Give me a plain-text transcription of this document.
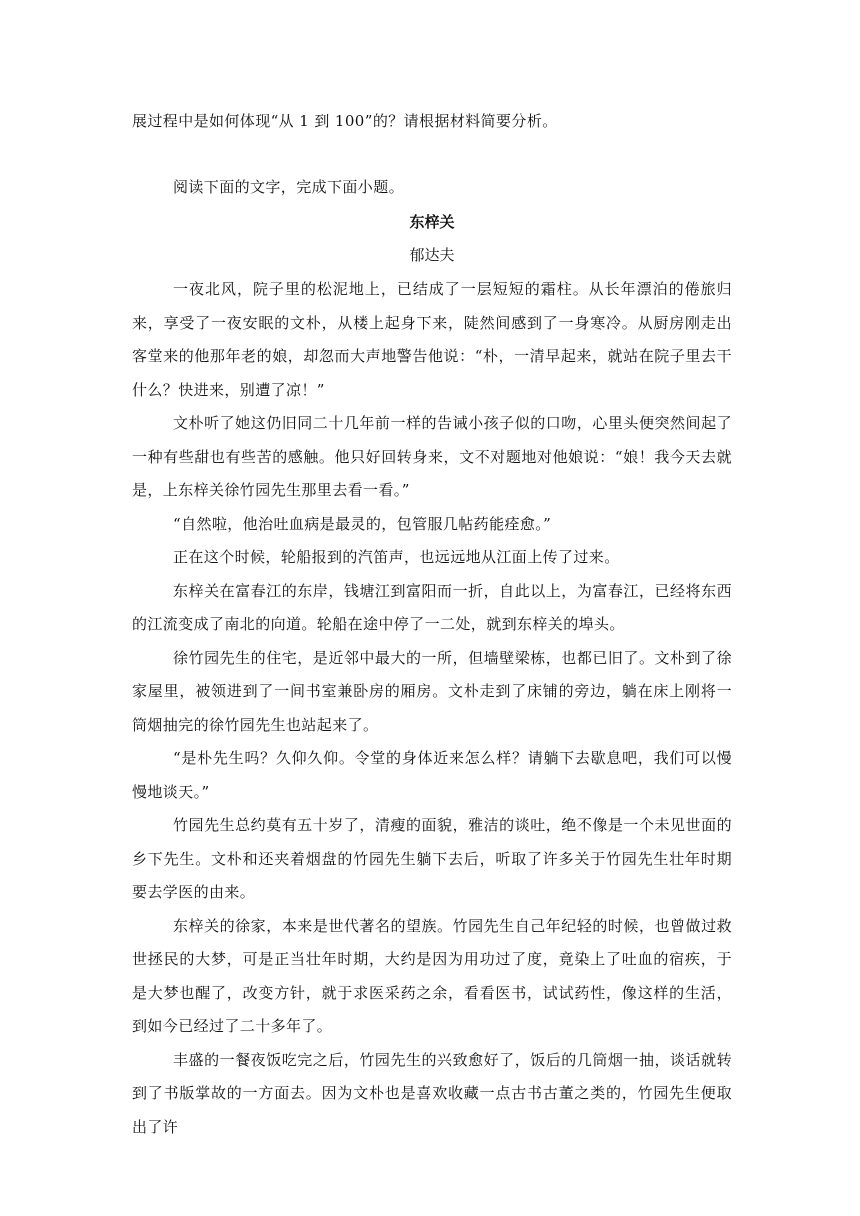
展过程中是如何体现“从 1 到 100”的？请根据材料简要分析。
阅读下面的文字，完成下面小题。
东梓关
郁达夫
一夜北风，院子里的松泥地上，已结成了一层短短的霜柱。从长年漂泊的倦旅归来，享受了一夜安眠的文朴，从楼上起身下来，陡然间感到了一身寒冷。从厨房刚走出客堂来的他那年老的娘，却忽而大声地警告他说：“朴，一清早起来，就站在院子里去干什么？快进来，别遭了凉！”
文朴听了她这仍旧同二十几年前一样的告诫小孩子似的口吻，心里头便突然间起了一种有些甜也有些苦的感触。他只好回转身来，文不对题地对他娘说：“娘！我今天去就是，上东梓关徐竹园先生那里去看一看。”
“自然啦，他治吐血病是最灵的，包管服几帖药能痊愈。”
正在这个时候，轮船报到的汽笛声，也远远地从江面上传了过来。
东梓关在富春江的东岸，钱塘江到富阳而一折，自此以上，为富春江，已经将东西的江流变成了南北的向道。轮船在途中停了一二处，就到东梓关的埠头。
徐竹园先生的住宅，是近邻中最大的一所，但墙壁梁栋，也都已旧了。文朴到了徐家屋里，被领进到了一间书室兼卧房的厢房。文朴走到了床铺的旁边，躺在床上刚将一筒烟抽完的徐竹园先生也站起来了。
“是朴先生吗？久仰久仰。令堂的身体近来怎么样？请躺下去歇息吧，我们可以慢慢地谈天。”
竹园先生总约莫有五十岁了，清瘦的面貌，雅洁的谈吐，绝不像是一个未见世面的乡下先生。文朴和还夹着烟盘的竹园先生躺下去后，听取了许多关于竹园先生壮年时期要去学医的由来。
东梓关的徐家，本来是世代著名的望族。竹园先生自己年纪轻的时候，也曾做过救世拯民的大梦，可是正当壮年时期，大约是因为用功过了度，竟染上了吐血的宿疾，于是大梦也醒了，改变方针，就于求医采药之余，看看医书，试试药性，像这样的生活，到如今已经过了二十多年了。
丰盛的一餐夜饭吃完之后，竹园先生的兴致愈好了，饭后的几筒烟一抽，谈话就转到了书版掌故的一方面去。因为文朴也是喜欢收藏一点古书古董之类的，竹园先生便取出了许
